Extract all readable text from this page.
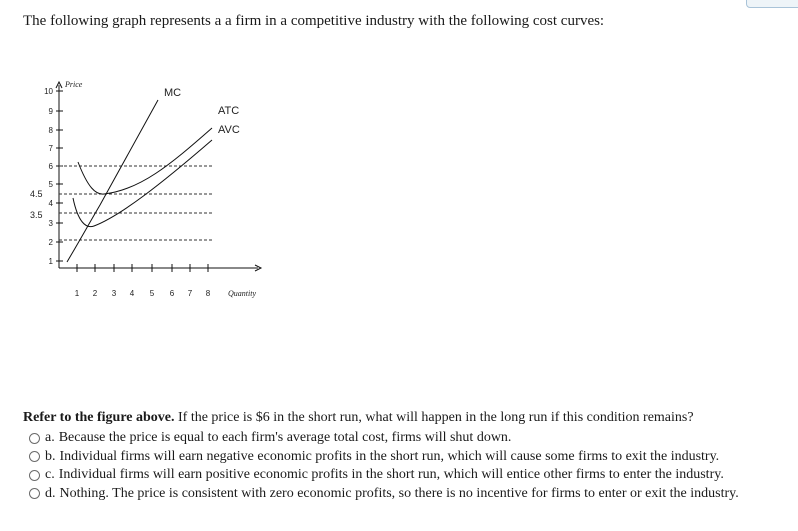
The following graph represents a a firm in a competitive industry with the following cost curves:
10
9
8
7
6
5
4
3
2
1
4.5
3.5
1 2 3 4 5 6 7 8
Price
Quantity
MC
ATC
AVC
Refer to the figure above. If the price is $6 in the short run, what will happen in the long run if this condition remains?
a. Because the price is equal to each firm's average total cost, firms will shut down.
b. Individual firms will earn negative economic profits in the short run, which will cause some firms to exit the industry.
c. Individual firms will earn positive economic profits in the short run, which will entice other firms to enter the industry.
d. Nothing. The price is consistent with zero economic profits, so there is no incentive for firms to enter or exit the industry.
